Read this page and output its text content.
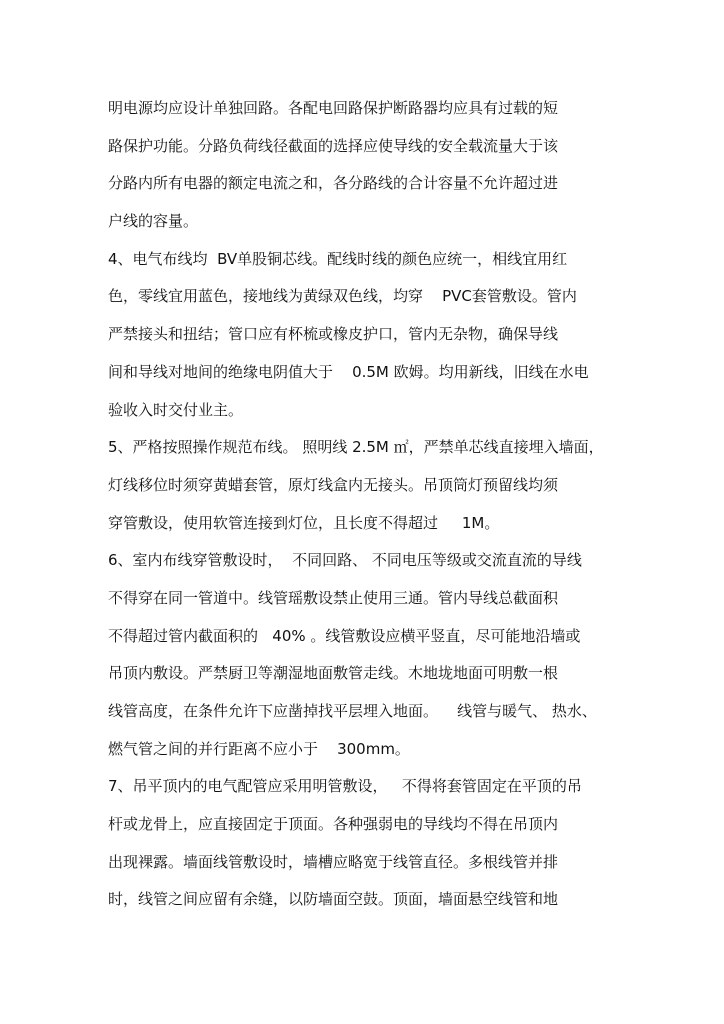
明电源均应设计单独回路。各配电回路保护断路器均应具有过载的短
路保护功能。分路负荷线径截面的选择应使导线的安全载流量大于该
分路内所有电器的额定电流之和，各分路线的合计容量不允许超过进
户线的容量。
4、电气布线均  BV单股铜芯线。配线时线的颜色应统一，相线宜用红
色，零线宜用蓝色，接地线为黄绿双色线，均穿    PVC套管敷设。管内
严禁接头和扭结；管口应有杯梳或橡皮护口，管内无杂物，确保导线
间和导线对地间的绝缘电阴值大于    0.5M 欧姆。均用新线，旧线在水电
验收入时交付业主。
5、严格按照操作规范布线。 照明线 2.5M ㎡，严禁单芯线直接埋入墙面，
灯线移位时须穿黄蜡套管，原灯线盒内无接头。吊顶筒灯预留线均须
穿管敷设，使用软管连接到灯位，且长度不得超过     1M。
6、室内布线穿管敷设时，  不同回路、 不同电压等级或交流直流的导线
不得穿在同一管道中。线管瑶敷设禁止使用三通。管内导线总截面积
不得超过管内截面积的   40% 。线管敷设应横平竖直，尽可能地沿墙或
吊顶内敷设。严禁厨卫等潮湿地面敷管走线。木地垅地面可明敷一根
线管高度，在条件允许下应凿掉找平层埋入地面。    线管与暖气、 热水、
燃气管之间的并行距离不应小于    300mm。
7、吊平顶内的电气配管应采用明管敷设，   不得将套管固定在平顶的吊
杆或龙骨上，应直接固定于顶面。各种强弱电的导线均不得在吊顶内
出现裸露。墙面线管敷设时，墙槽应略宽于线管直径。多根线管并排
时，线管之间应留有余缝，以防墙面空鼓。顶面，墙面悬空线管和地
